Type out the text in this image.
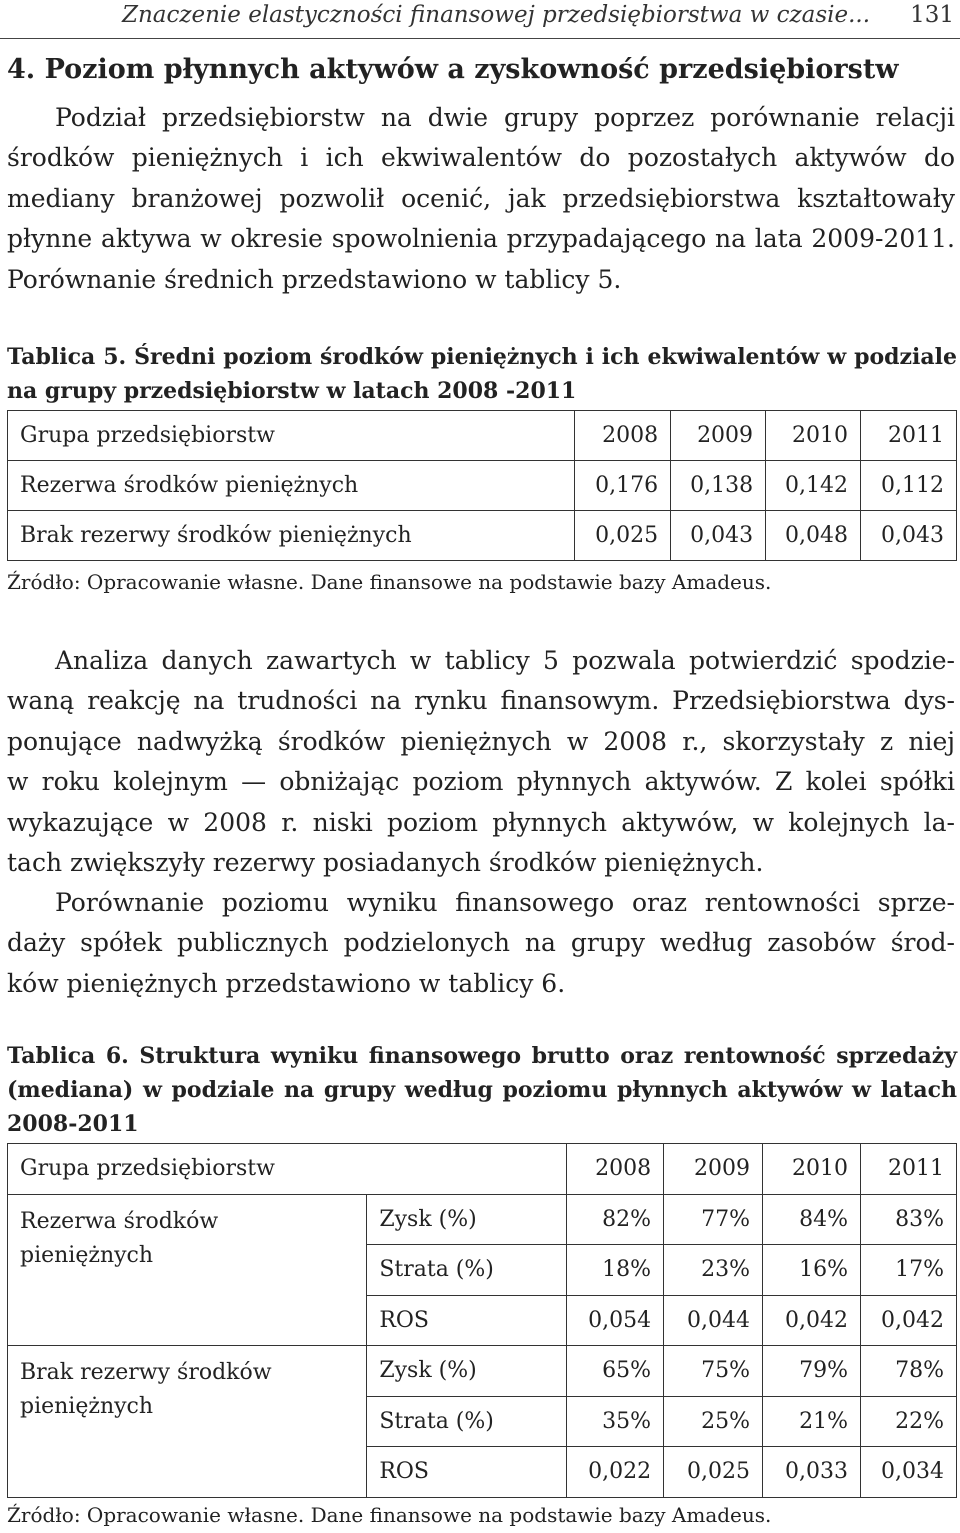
Znaczenie elastyczności finansowej przedsiębiorstwa w czasie... 131
4. Poziom płynnych aktywów a zyskowność przedsiębiorstw
Podział przedsiębiorstw na dwie grupy poprzez porównanie relacji
środków pieniężnych i ich ekwiwalentów do pozostałych aktywów do
mediany branżowej pozwolił ocenić, jak przedsiębiorstwa kształtowały
płynne aktywa w okresie spowolnienia przypadającego na lata 2009-2011.
Porównanie średnich przedstawiono w tablicy 5.
Tablica 5. Średni poziom środków pieniężnych i ich ekwiwalentów w podziale
na grupy przedsiębiorstw w latach 2008 -2011
Grupa przedsiębiorstw	2008	2009	2010	2011
Rezerwa środków pieniężnych	0,176	0,138	0,142	0,112
Brak rezerwy środków pieniężnych	0,025	0,043	0,048	0,043
Źródło: Opracowanie własne. Dane finansowe na podstawie bazy Amadeus.
Analiza danych zawartych w tablicy 5 pozwala potwierdzić spodzie-
waną reakcję na trudności na rynku finansowym. Przedsiębiorstwa dys-
ponujące nadwyżką środków pieniężnych w 2008 r., skorzystały z niej
w roku kolejnym — obniżając poziom płynnych aktywów. Z kolei spółki
wykazujące w 2008 r. niski poziom płynnych aktywów, w kolejnych la-
tach zwiększyły rezerwy posiadanych środków pieniężnych.
Porównanie poziomu wyniku finansowego oraz rentowności sprze-
daży spółek publicznych podzielonych na grupy według zasobów środ-
ków pieniężnych przedstawiono w tablicy 6.
Tablica 6. Struktura wyniku finansowego brutto oraz rentowność sprzedaży
(mediana) w podziale na grupy według poziomu płynnych aktywów w latach
2008-2011
Grupa przedsiębiorstw		2008	2009	2010	2011
Rezerwa środków pieniężnych	Zysk (%)	82%	77%	84%	83%
	Strata (%)	18%	23%	16%	17%
	ROS	0,054	0,044	0,042	0,042
Brak rezerwy środków pieniężnych	Zysk (%)	65%	75%	79%	78%
	Strata (%)	35%	25%	21%	22%
	ROS	0,022	0,025	0,033	0,034
Źródło: Opracowanie własne. Dane finansowe na podstawie bazy Amadeus.
